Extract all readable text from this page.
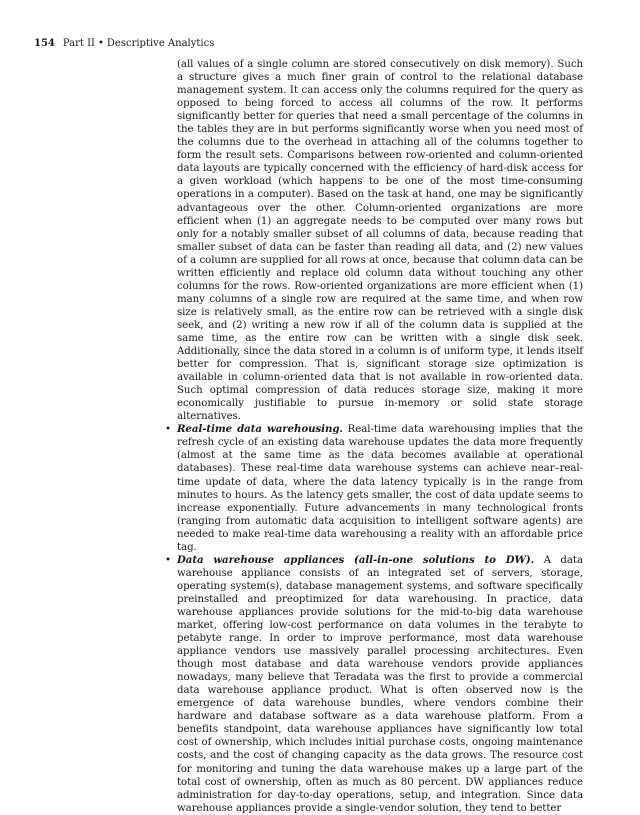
154 Part II • Descriptive Analytics

(all values of a single column are stored consecutively on disk memory). Such a structure gives a much finer grain of control to the relational database management system. It can access only the columns required for the query as opposed to being forced to access all columns of the row. It performs significantly better for queries that need a small percentage of the columns in the tables they are in but performs significantly worse when you need most of the columns due to the overhead in attaching all of the columns together to form the result sets. Comparisons between row-oriented and column-oriented data layouts are typically concerned with the efficiency of hard-disk access for a given workload (which happens to be one of the most time-consuming operations in a computer). Based on the task at hand, one may be significantly advantageous over the other. Column-oriented organizations are more efficient when (1) an aggregate needs to be computed over many rows but only for a notably smaller subset of all columns of data, because reading that smaller subset of data can be faster than reading all data, and (2) new values of a column are supplied for all rows at once, because that column data can be written efficiently and replace old column data without touching any other columns for the rows. Row-oriented organizations are more efficient when (1) many columns of a single row are required at the same time, and when row size is relatively small, as the entire row can be retrieved with a single disk seek, and (2) writing a new row if all of the column data is supplied at the same time, as the entire row can be written with a single disk seek. Additionally, since the data stored in a column is of uniform type, it lends itself better for compression. That is, significant storage size optimization is available in column-oriented data that is not available in row-oriented data. Such optimal compression of data reduces storage size, making it more economically justifiable to pursue in-memory or solid state storage alternatives.

• Real-time data warehousing. Real-time data warehousing implies that the refresh cycle of an existing data warehouse updates the data more frequently (almost at the same time as the data becomes available at operational databases). These real-time data warehouse systems can achieve near–real-time update of data, where the data latency typically is in the range from minutes to hours. As the latency gets smaller, the cost of data update seems to increase exponentially. Future advancements in many technological fronts (ranging from automatic data acquisition to intelligent software agents) are needed to make real-time data warehousing a reality with an affordable price tag.

• Data warehouse appliances (all-in-one solutions to DW). A data warehouse appliance consists of an integrated set of servers, storage, operating system(s), database management systems, and software specifically preinstalled and preoptimized for data warehousing. In practice, data warehouse appliances provide solutions for the mid-to-big data warehouse market, offering low-cost performance on data volumes in the terabyte to petabyte range. In order to improve performance, most data warehouse appliance vendors use massively parallel processing architectures. Even though most database and data warehouse vendors provide appliances nowadays, many believe that Teradata was the first to provide a commercial data warehouse appliance product. What is often observed now is the emergence of data warehouse bundles, where vendors combine their hardware and database software as a data warehouse platform. From a benefits standpoint, data warehouse appliances have significantly low total cost of ownership, which includes initial purchase costs, ongoing maintenance costs, and the cost of changing capacity as the data grows. The resource cost for monitoring and tuning the data warehouse makes up a large part of the total cost of ownership, often as much as 80 percent. DW appliances reduce administration for day-to-day operations, setup, and integration. Since data warehouse appliances provide a single-vendor solution, they tend to better
